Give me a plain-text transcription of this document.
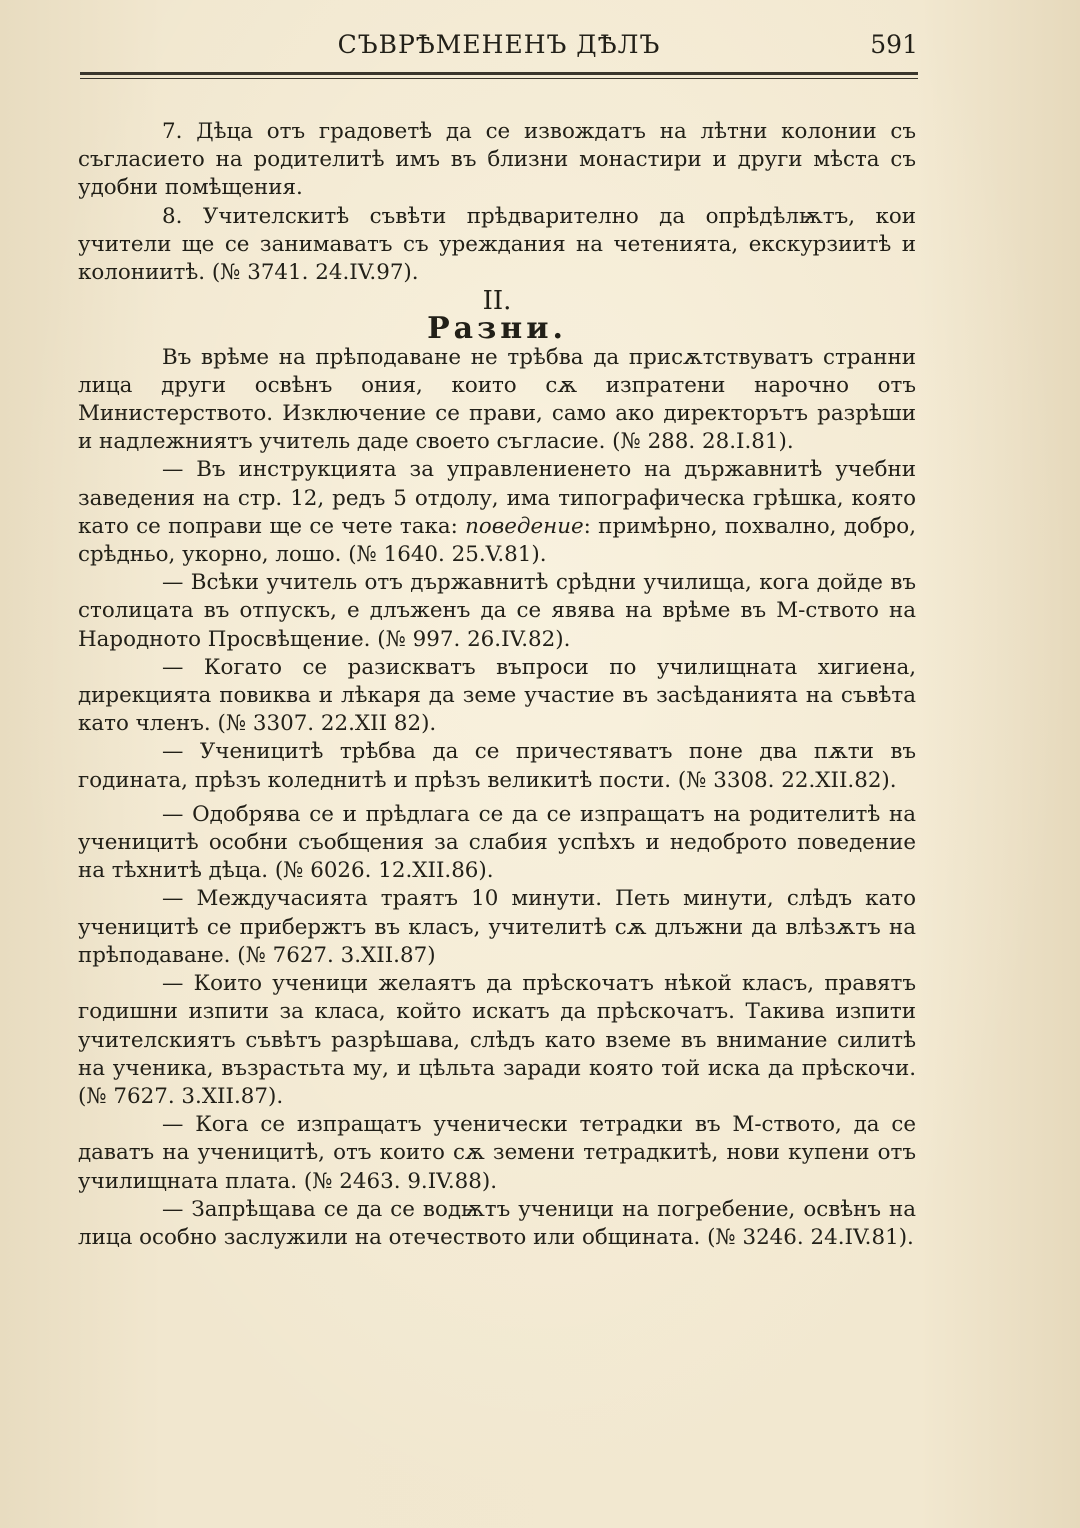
СЪВРѢМЕНЕНЪ ДѢЛЪ	591

7. Дѣца отъ градоветѣ да се извождатъ на лѣтни колонии съ съгласието на родителитѣ имъ въ близни монастири и други мѣста съ удобни помѣщения.

8. Учителскитѣ съвѣти прѣдварително да опрѣдѣлѭтъ, кои учители ще се занимаватъ съ уреждания на четенията, екскурзиитѣ и колониитѣ. (№ 3741. 24.IV.97).

II.

Разни.

Въ врѣме на прѣподаване не трѣбва да присѫтствуватъ странни лица други освѣнъ ония, които сѫ изпратени нарочно отъ Министерството. Изключение се прави, само ако директорътъ разрѣши и надлежниятъ учитель даде своето съгласие. (№ 288. 28.I.81).

— Въ инструкцията за управлениенето на държавнитѣ учебни заведения на стр. 12, редъ 5 отдолу, има типографическа грѣшка, която като се поправи ще се чете така: поведение: примѣрно, похвално, добро, срѣдньо, укорно, лошо. (№ 1640. 25.V.81).

— Всѣки учитель отъ държавнитѣ срѣдни училища, кога дойде въ столицата въ отпускъ, е длъженъ да се явява на врѣме въ М-ството на Народното Просвѣщение. (№ 997. 26.IV.82).

— Когато се разискватъ въпроси по училищната хигиена, дирекцията повиква и лѣкаря да земе участие въ засѣданията на съвѣта като членъ. (№ 3307. 22.XII 82).

— Ученицитѣ трѣбва да се причестяватъ поне два пѫти въ годината, прѣзъ коледнитѣ и прѣзъ великитѣ пости. (№ 3308. 22.XII.82).

— Одобрява се и прѣдлага се да се изпращатъ на родителитѣ на ученицитѣ особни съобщения за слабия успѣхъ и недоброто поведение на тѣхнитѣ дѣца. (№ 6026. 12.XII.86).

— Междучасията траятъ 10 минути. Петь минути, слѣдъ като ученицитѣ се прибержтъ въ класъ, учителитѣ сѫ длъжни да влѣзѫтъ на прѣподаване. (№ 7627. 3.XII.87)

— Които ученици желаятъ да прѣскочатъ нѣкой класъ, правятъ годишни изпити за класа, който искатъ да прѣскочатъ. Такива изпити учителскиятъ съвѣтъ разрѣшава, слѣдъ като вземе въ внимание силитѣ на ученика, възрастьта му, и цѣльта заради която той иска да прѣскочи. (№ 7627. 3.XII.87).

— Кога се изпращатъ ученически тетрадки въ М-ството, да се даватъ на ученицитѣ, отъ които сѫ земени тетрадкитѣ, нови купени отъ училищната плата. (№ 2463. 9.IV.88).

— Запрѣщава се да се водѭтъ ученици на погребение, освѣнъ на лица особно заслужили на отечеството или общината. (№ 3246. 24.IV.81).
